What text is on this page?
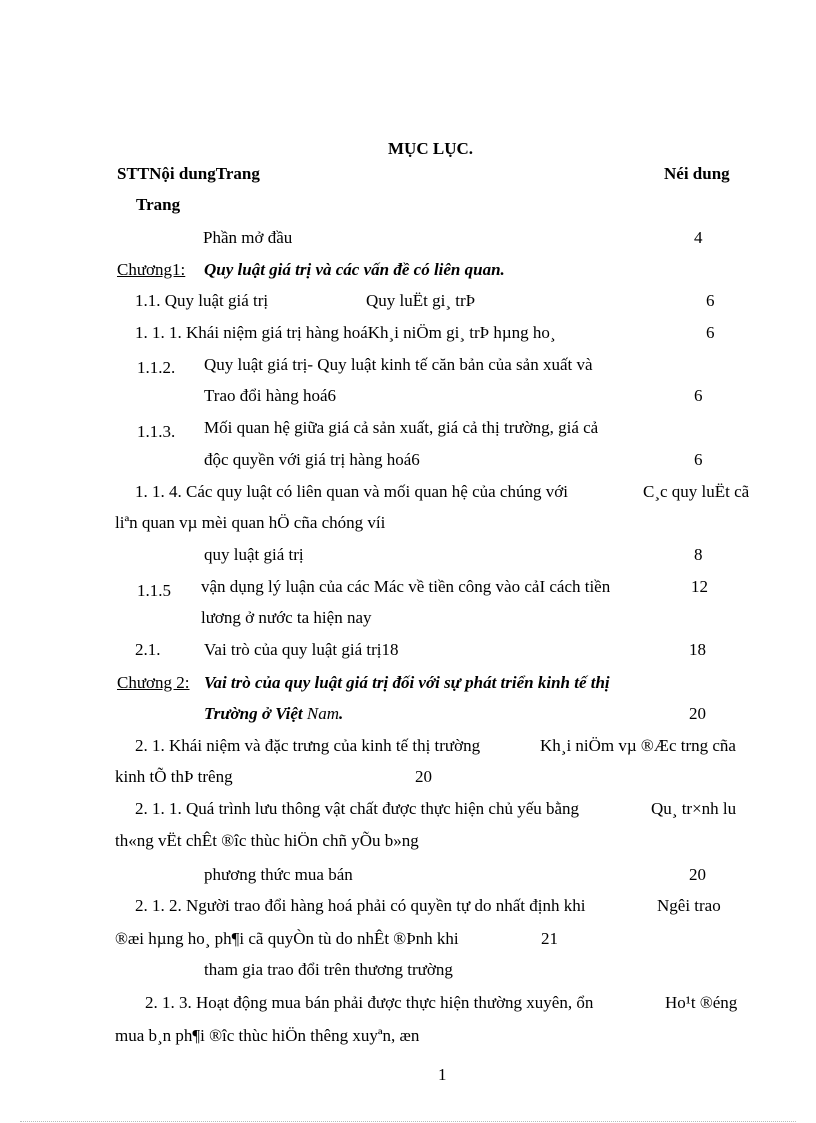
MỤC LỤC.
STTNội dungTrang	Néi dung
Trang
Phần mở đầu	4
Chương1: Quy luật giá trị và các vấn đề có liên quan.
1.1. Quy luật giá trị	Quy luËt gi¸ trÞ	6
1. 1. 1. Khái niệm giá trị hàng hoáKh¸i niÖm gi¸ trÞ hµng ho¸	6
1.1.2. Quy luật giá trị- Quy luật kinh tế căn bản của sản xuất và
Trao đổi hàng hoá6	6
1.1.3. Mối quan hệ giữa giá cả sản xuất, giá cả thị trường, giá cả
độc quyền với giá trị hàng hoá6	6
1. 1. 4. Các quy luật có liên quan và mối quan hệ của chúng với	C¸c quy luËt cã
liªn quan vµ mèi quan hÖ cña chóng víi
quy luật giá trị	8
1.1.5 vận dụng lý luận của các Mác về tiền công vào cảI cách tiền	12
lương ở nước ta hiện nay
2.1.	Vai trò của quy luật giá trị18	18
Chương 2: Vai trò của quy luật giá trị đối với sự phát triển kinh tế thị
Trường ở Việt Nam.	20
2. 1. Khái niệm và đặc trưng của kinh tế thị trường	Kh¸i niÖm vµ ®Æc trng cña
kinh tÕ thÞ trêng	20
2. 1. 1. Quá trình lưu thông vật chất được thực hiện chủ yếu bằng	Qu¸ tr×nh lu
th«ng vËt chÊt ®îc thùc hiÖn chñ yÕu b»ng
phương thức mua bán	20
2. 1. 2. Người trao đổi hàng hoá phải có quyền tự do nhất định khi	Ngêi trao
®æi hµng ho¸ ph¶i cã quyÒn tù do nhÊt ®Þnh khi	21
tham gia trao đổi trên thương trường
2. 1. 3. Hoạt động mua bán phải được thực hiện thường xuyên, ổn	Ho¹t ®éng
mua b¸n ph¶i ®îc thùc hiÖn thêng xuyªn, æn
1
